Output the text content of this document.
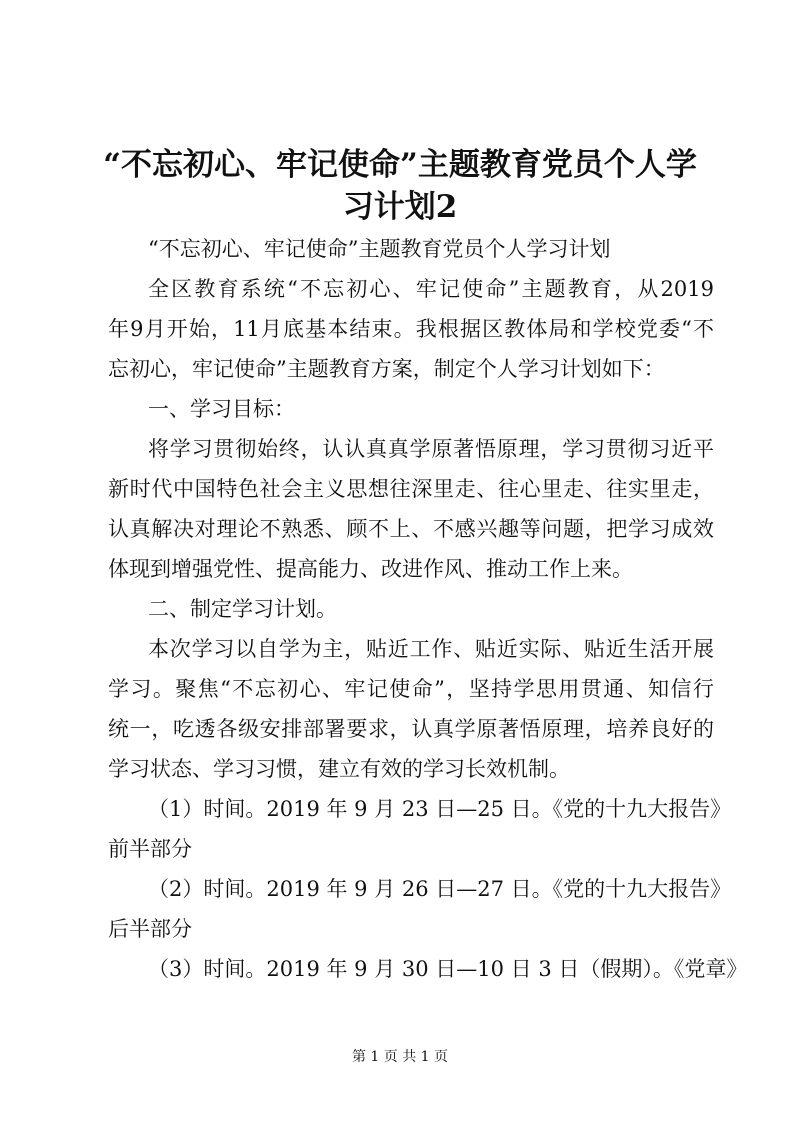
“不忘初心、牢记使命”主题教育党员个人学
习计划2
“不忘初心、牢记使命”主题教育党员个人学习计划
全区教育系统“不忘初心、牢记使命”主题教育，从2019
年9月开始，11月底基本结束。我根据区教体局和学校党委“不
忘初心，牢记使命”主题教育方案，制定个人学习计划如下：
一、学习目标：
将学习贯彻始终，认认真真学原著悟原理，学习贯彻习近平
新时代中国特色社会主义思想往深里走、往心里走、往实里走，
认真解决对理论不熟悉、顾不上、不感兴趣等问题，把学习成效
体现到增强党性、提高能力、改进作风、推动工作上来。
二、制定学习计划。
本次学习以自学为主，贴近工作、贴近实际、贴近生活开展
学习。聚焦“不忘初心、牢记使命”，坚持学思用贯通、知信行
统一，吃透各级安排部署要求，认真学原著悟原理，培养良好的
学习状态、学习习惯，建立有效的学习长效机制。
（1）时间。2019 年 9 月 23 日—25 日。《党的十九大报告》
前半部分
（2）时间。2019 年 9 月 26 日—27 日。《党的十九大报告》
后半部分
（3）时间。2019 年 9 月 30 日—10 日 3 日（假期）。《党章》
第 1 页 共 1 页
